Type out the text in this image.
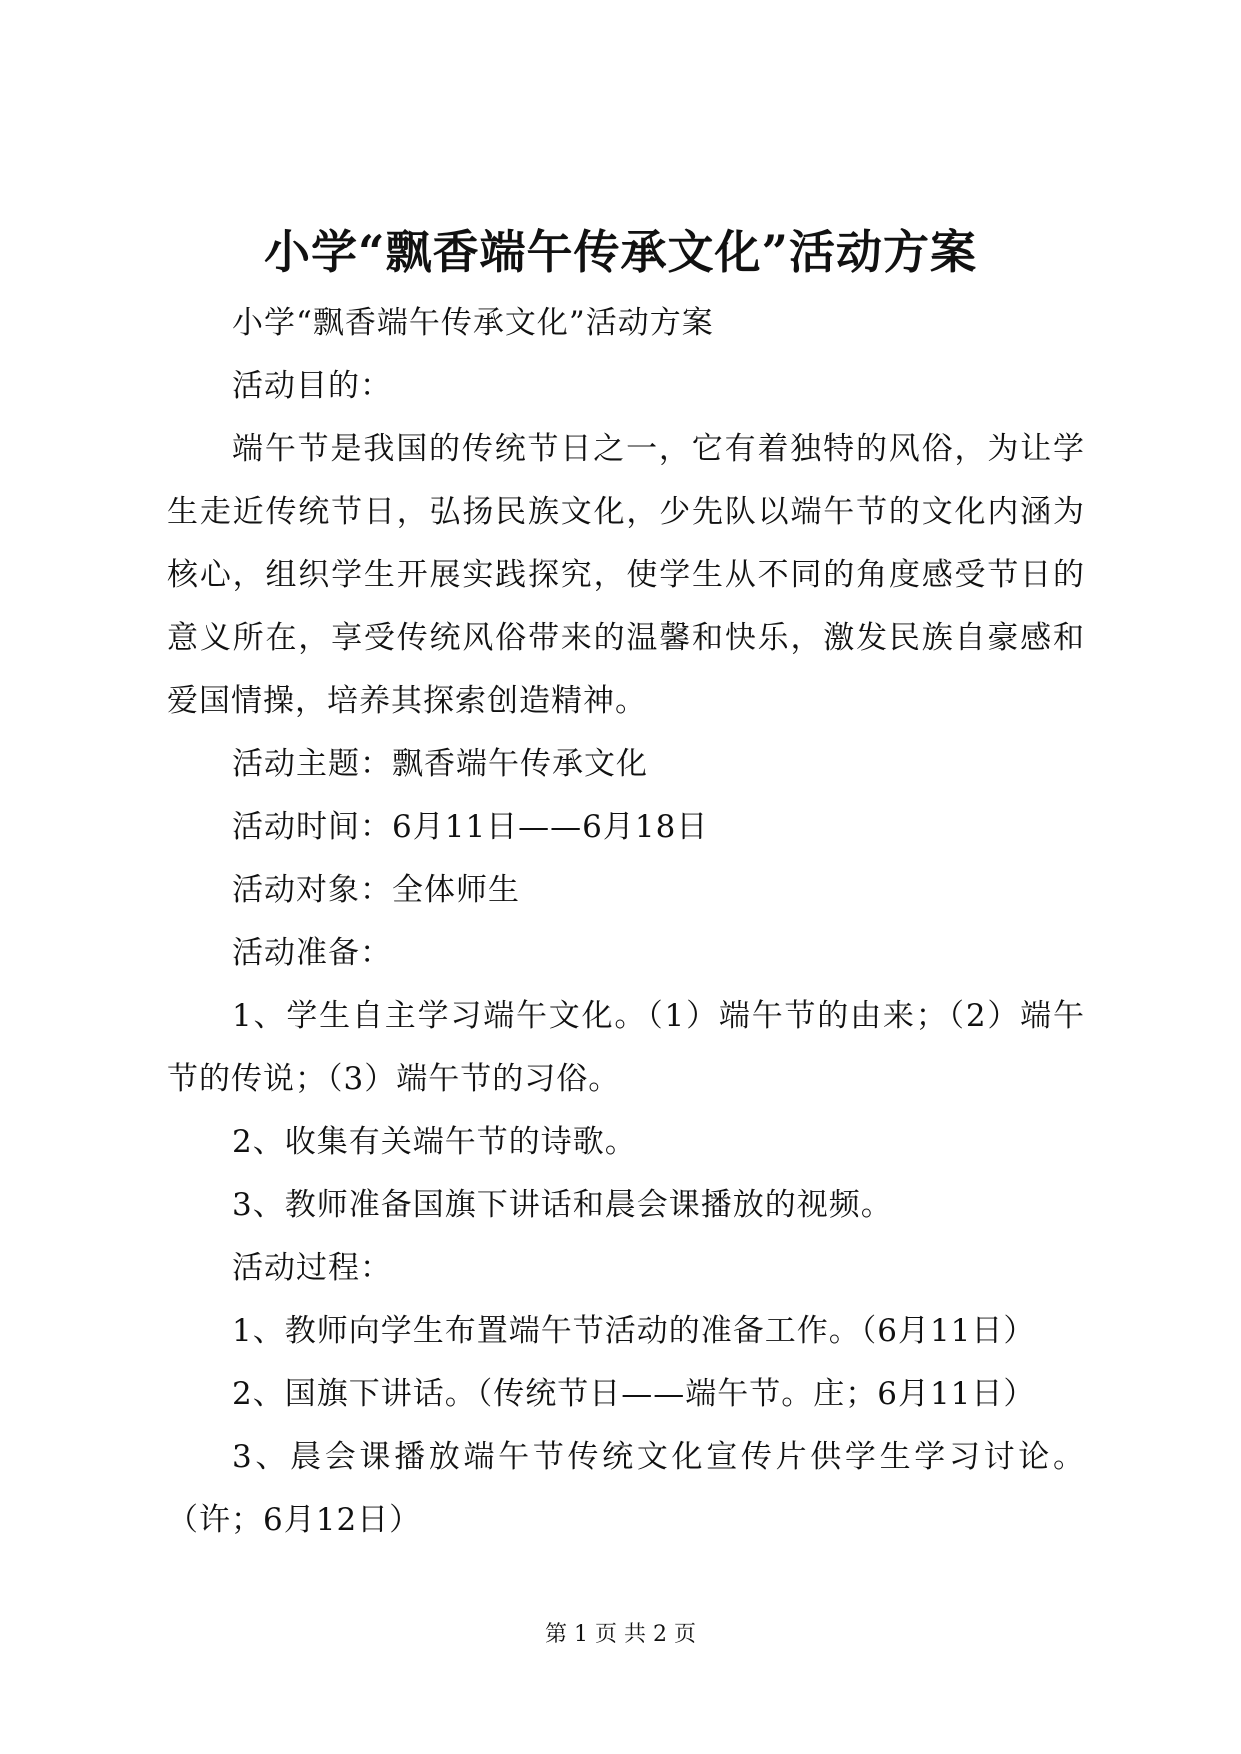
小学“飘香端午传承文化”活动方案

小学“飘香端午传承文化”活动方案

活动目的：

端午节是我国的传统节日之一，它有着独特的风俗，为让学生走近传统节日，弘扬民族文化，少先队以端午节的文化内涵为核心，组织学生开展实践探究，使学生从不同的角度感受节日的意义所在，享受传统风俗带来的温馨和快乐，激发民族自豪感和爱国情操，培养其探索创造精神。

活动主题：飘香端午传承文化

活动时间：6月11日——6月18日

活动对象：全体师生

活动准备：

1、学生自主学习端午文化。（1）端午节的由来；（2）端午节的传说；（3）端午节的习俗。

2、收集有关端午节的诗歌。

3、教师准备国旗下讲话和晨会课播放的视频。

活动过程：

1、教师向学生布置端午节活动的准备工作。（6月11日）

2、国旗下讲话。（传统节日——端午节。庄；6月11日）

3、晨会课播放端午节传统文化宣传片供学生学习讨论。（许；6月12日）

第 1 页 共 2 页
